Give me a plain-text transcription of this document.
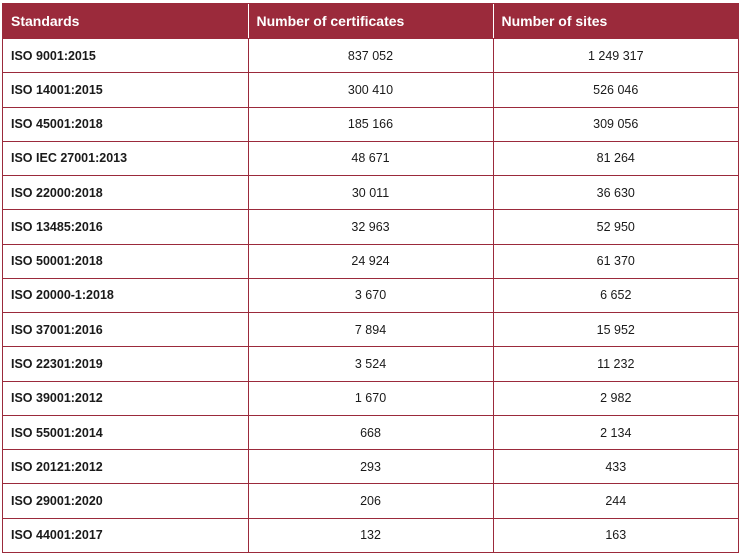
Standards	Number of certificates	Number of sites
ISO 9001:2015	837 052	1 249 317
ISO 14001:2015	300 410	526 046
ISO 45001:2018	185 166	309 056
ISO IEC 27001:2013	48 671	81 264
ISO 22000:2018	30 011	36 630
ISO 13485:2016	32 963	52 950
ISO 50001:2018	24 924	61 370
ISO 20000-1:2018	3 670	6 652
ISO 37001:2016	7 894	15 952
ISO 22301:2019	3 524	11 232
ISO 39001:2012	1 670	2 982
ISO 55001:2014	668	2 134
ISO 20121:2012	293	433
ISO 29001:2020	206	244
ISO 44001:2017	132	163
